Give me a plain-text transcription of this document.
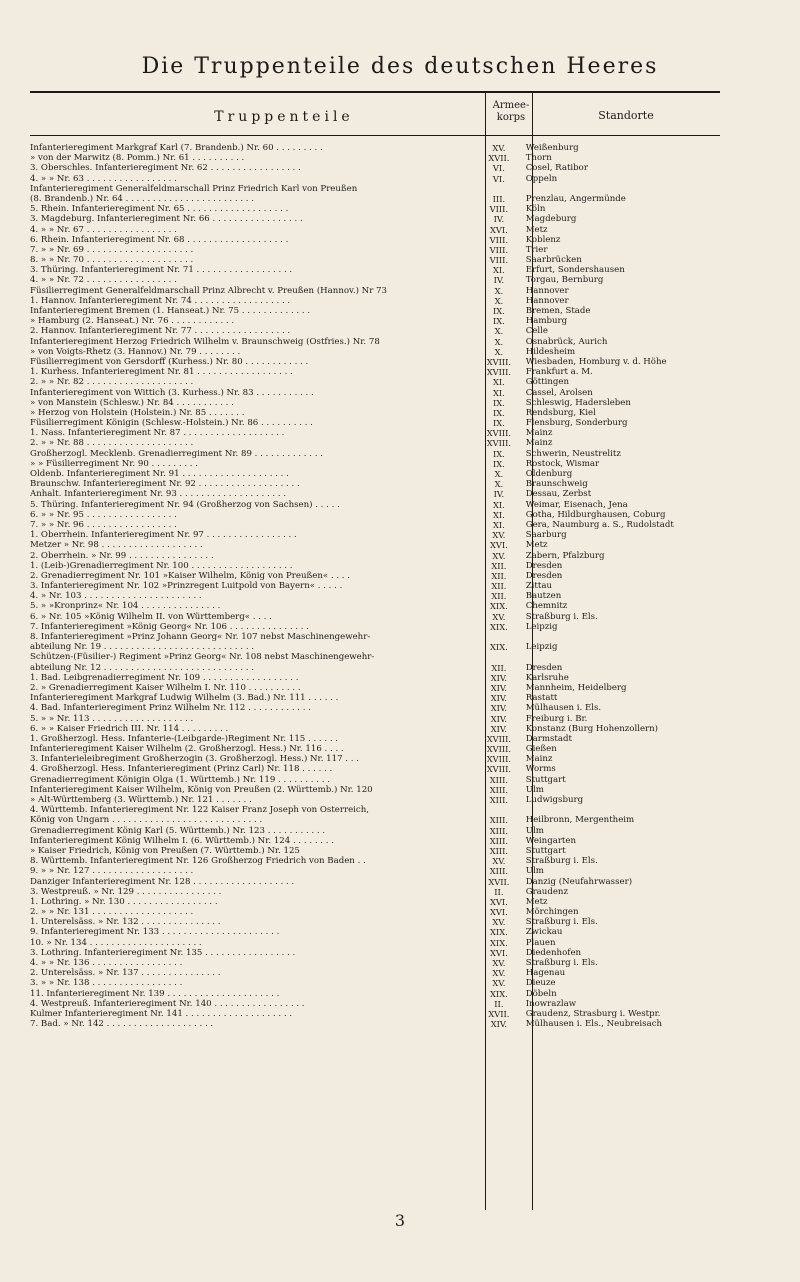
Die Truppenteile des deutschen Heeres
Truppenteile
Armee-
korps	Standorte
Infanterieregiment Markgraf Karl (7. Brandenb.) Nr. 60 . . . . . . . . .	XV.	Weißenburg
» von der Marwitz (8. Pomm.) Nr. 61 . . . . . . . . . .	XVII.	Thorn
3. Oberschles. Infanterieregiment Nr. 62 . . . . . . . . . . . . . . . . .	VI.	Cosel, Ratibor
4. » » Nr. 63 . . . . . . . . . . . . . . . . .	VI.	Oppeln
Infanterieregiment Generalfeldmarschall Prinz Friedrich Karl von Preußen
(8. Brandenb.) Nr. 64 . . . . . . . . . . . . . . . . . . . . . . . .	III.	Prenzlau, Angermünde
5. Rhein. Infanterieregiment Nr. 65 . . . . . . . . . . . . . . . . . . .	VIII.	Köln
3. Magdeburg. Infanterieregiment Nr. 66 . . . . . . . . . . . . . . . . .	IV.	Magdeburg
4. » » Nr. 67 . . . . . . . . . . . . . . . . .	XVI.	Metz
6. Rhein. Infanterieregiment Nr. 68 . . . . . . . . . . . . . . . . . . .	VIII.	Koblenz
7. » » Nr. 69 . . . . . . . . . . . . . . . . . . . .	VIII.	Trier
8. » » Nr. 70 . . . . . . . . . . . . . . . . . . . .	VIII.	Saarbrücken
3. Thüring. Infanterieregiment Nr. 71 . . . . . . . . . . . . . . . . . .	XI.	Erfurt, Sondershausen
4. » » Nr. 72 . . . . . . . . . . . . . . . . .	IV.	Torgau, Bernburg
Füsilierregiment Generalfeldmarschall Prinz Albrecht v. Preußen (Hannov.) Nr 73	X.	Hannover
1. Hannov. Infanterieregiment Nr. 74 . . . . . . . . . . . . . . . . . .	X.	Hannover
Infanterieregiment Bremen (1. Hanseat.) Nr. 75 . . . . . . . . . . . . .	IX.	Bremen, Stade
» Hamburg (2. Hanseat.) Nr. 76 . . . . . . . . . . . .	IX.	Hamburg
2. Hannov. Infanterieregiment Nr. 77 . . . . . . . . . . . . . . . . . .	X.	Celle
Infanterieregiment Herzog Friedrich Wilhelm v. Braunschweig (Ostfries.) Nr. 78	X.	Osnabrück, Aurich
» von Voigts-Rhetz (3. Hannov.) Nr. 79 . . . . . . . .	X.	Hildesheim
Füsilierregiment von Gersdorff (Kurhess.) Nr. 80 . . . . . . . . . . . .	XVIII.	Wiesbaden, Homburg v. d. Höhe
1. Kurhess. Infanterieregiment Nr. 81 . . . . . . . . . . . . . . . . . .	XVIII.	Frankfurt a. M.
2. » » Nr. 82 . . . . . . . . . . . . . . . . . . . .	XI.	Göttingen
Infanterieregiment von Wittich (3. Kurhess.) Nr. 83 . . . . . . . . . . .	XI.	Cassel, Arolsen
» von Manstein (Schlesw.) Nr. 84 . . . . . . . . . . .	IX.	Schleswig, Hadersleben
» Herzog von Holstein (Holstein.) Nr. 85 . . . . . . .	IX.	Rendsburg, Kiel
Füsilierregiment Königin (Schlesw.-Holstein.) Nr. 86 . . . . . . . . . .	IX.	Flensburg, Sonderburg
1. Nass. Infanterieregiment Nr. 87 . . . . . . . . . . . . . . . . . . .	XVIII.	Mainz
2. » » Nr. 88 . . . . . . . . . . . . . . . . . . . .	XVIII.	Mainz
Großherzogl. Mecklenb. Grenadierregiment Nr. 89 . . . . . . . . . . . . .	IX.	Schwerin, Neustrelitz
» » Füsilierregiment Nr. 90 . . . . . . . . .	IX.	Rostock, Wismar
Oldenb. Infanterieregiment Nr. 91 . . . . . . . . . . . . . . . . . . . .	X.	Oldenburg
Braunschw. Infanterieregiment Nr. 92 . . . . . . . . . . . . . . . . . . .	X.	Braunschweig
Anhalt. Infanterieregiment Nr. 93 . . . . . . . . . . . . . . . . . . . .	IV.	Dessau, Zerbst
5. Thüring. Infanterieregiment Nr. 94 (Großherzog von Sachsen) . . . . .	XI.	Weimar, Eisenach, Jena
6. » » Nr. 95 . . . . . . . . . . . . . . . . .	XI.	Gotha, Hildburghausen, Coburg
7. » » Nr. 96 . . . . . . . . . . . . . . . . .	XI.	Gera, Naumburg a. S., Rudolstadt
1. Oberrhein. Infanterieregiment Nr. 97 . . . . . . . . . . . . . . . . .	XV.	Saarburg
Metzer » Nr. 98 . . . . . . . . . . . . . . . . . . .	XVI.	Metz
2. Oberrhein. » Nr. 99 . . . . . . . . . . . . . . . .	XV.	Zabern, Pfalzburg
1. (Leib-)Grenadierregiment Nr. 100 . . . . . . . . . . . . . . . . . . .	XII.	Dresden
2. Grenadierregiment Nr. 101 »Kaiser Wilhelm, König von Preußen« . . . .	XII.	Dresden
3. Infanterieregiment Nr. 102 »Prinzregent Luitpold von Bayern« . . . . .	XII.	Zittau
4. » Nr. 103 . . . . . . . . . . . . . . . . . . . . . .	XII.	Bautzen
5. » »Kronprinz« Nr. 104 . . . . . . . . . . . . . . .	XIX.	Chemnitz
6. » Nr. 105 »König Wilhelm II. von Württemberg« . . . .	XV.	Straßburg i. Els.
7. Infanterieregiment »König Georg« Nr. 106 . . . . . . . . . . . . . . .	XIX.	Leipzig
8. Infanterieregiment »Prinz Johann Georg« Nr. 107 nebst Maschinengewehr-
abteilung Nr. 19 . . . . . . . . . . . . . . . . . . . . . . . . . . . .	XIX.	Leipzig
Schützen-(Füsilier-) Regiment »Prinz Georg« Nr. 108 nebst Maschinengewehr-
abteilung Nr. 12 . . . . . . . . . . . . . . . . . . . . . . . . . . . .	XII.	Dresden
1. Bad. Leibgrenadierregiment Nr. 109 . . . . . . . . . . . . . . . . . .	XIV.	Karlsruhe
2. » Grenadierregiment Kaiser Wilhelm I. Nr. 110 . . . . . . . . . .	XIV.	Mannheim, Heidelberg
Infanterieregiment Markgraf Ludwig Wilhelm (3. Bad.) Nr. 111 . . . . . .	XIV.	Rastatt
4. Bad. Infanterieregiment Prinz Wilhelm Nr. 112 . . . . . . . . . . . .	XIV.	Mülhausen i. Els.
5. » » Nr. 113 . . . . . . . . . . . . . . . . . . .	XIV.	Freiburg i. Br.
6. » » Kaiser Friedrich III. Nr. 114 . . . . . . . . .	XIV.	Konstanz (Burg Hohenzollern)
1. Großherzogl. Hess. Infanterie-(Leibgarde-)Regiment Nr. 115 . . . . . .	XVIII.	Darmstadt
Infanterieregiment Kaiser Wilhelm (2. Großherzogl. Hess.) Nr. 116 . . . .	XVIII.	Gießen
3. Infanterieleibregiment Großherzogin (3. Großherzogl. Hess.) Nr. 117 . . .	XVIII.	Mainz
4. Großherzogl. Hess. Infanterieregiment (Prinz Carl) Nr. 118 . . . . . .	XVIII.	Worms
Grenadierregiment Königin Olga (1. Württemb.) Nr. 119 . . . . . . . . . .	XIII.	Stuttgart
Infanterieregiment Kaiser Wilhelm, König von Preußen (2. Württemb.) Nr. 120	XIII.	Ulm
» Alt-Württemberg (3. Württemb.) Nr. 121 . . . . . . .	XIII.	Ludwigsburg
4. Württemb. Infanterieregiment Nr. 122 Kaiser Franz Joseph von Österreich,
König von Ungarn . . . . . . . . . . . . . . . . . . . . . . . . . . . .	XIII.	Heilbronn, Mergentheim
Grenadierregiment König Karl (5. Württemb.) Nr. 123 . . . . . . . . . . .	XIII.	Ulm
Infanterieregiment König Wilhelm I. (6. Württemb.) Nr. 124 . . . . . . . .	XIII.	Weingarten
» Kaiser Friedrich, König von Preußen (7. Württemb.) Nr. 125	XIII.	Stuttgart
8. Württemb. Infanterieregiment Nr. 126 Großherzog Friedrich von Baden . .	XV.	Straßburg i. Els.
9. » » Nr. 127 . . . . . . . . . . . . . . . . . . .	XIII.	Ulm
Danziger Infanterieregiment Nr. 128 . . . . . . . . . . . . . . . . . . .	XVII.	Danzig (Neufahrwasser)
3. Westpreuß. » Nr. 129 . . . . . . . . . . . . . . . .	II.	Graudenz
1. Lothring. » Nr. 130 . . . . . . . . . . . . . . . . .	XVI.	Metz
2. » » Nr. 131 . . . . . . . . . . . . . . . . . . .	XVI.	Mörchingen
1. Unterelsäss. » Nr. 132 . . . . . . . . . . . . . . .	XV.	Straßburg i. Els.
9. Infanterieregiment Nr. 133 . . . . . . . . . . . . . . . . . . . . . .	XIX.	Zwickau
10. » Nr. 134 . . . . . . . . . . . . . . . . . . . . .	XIX.	Plauen
3. Lothring. Infanterieregiment Nr. 135 . . . . . . . . . . . . . . . . .	XVI.	Diedenhofen
4. » » Nr. 136 . . . . . . . . . . . . . . . . .	XV.	Straßburg i. Els.
2. Unterelsäss. » Nr. 137 . . . . . . . . . . . . . . .	XV.	Hagenau
3. » » Nr. 138 . . . . . . . . . . . . . . . . .	XV.	Dieuze
11. Infanterieregiment Nr. 139 . . . . . . . . . . . . . . . . . . . . .	XIX.	Döbeln
4. Westpreuß. Infanterieregiment Nr. 140 . . . . . . . . . . . . . . . . .	II.	Inowrazlaw
Kulmer Infanterieregiment Nr. 141 . . . . . . . . . . . . . . . . . . . .	XVII.	Graudenz, Strasburg i. Westpr.
7. Bad. » Nr. 142 . . . . . . . . . . . . . . . . . . . .	XIV.	Mülhausen i. Els., Neubreisach
3
